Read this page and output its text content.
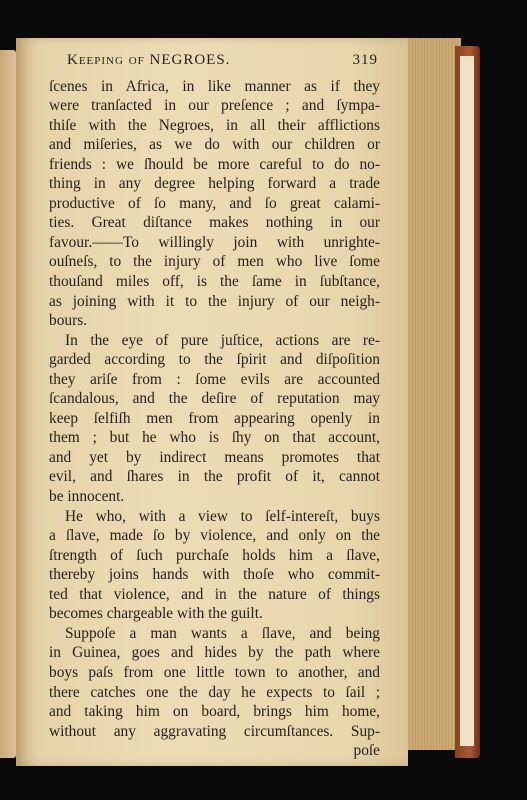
Keeping of NEGROES.	319
ſcenes in Africa, in like manner as if they
were tranſacted in our preſence ; and ſympa-
thiſe with the Negroes, in all their afflictions
and miſeries, as we do with our children or
friends : we ſhould be more careful to do no-
thing in any degree helping forward a trade
productive of ſo many, and ſo great calami-
ties. Great diſtance makes nothing in our
favour.——To willingly join with unrighte-
ouſneſs, to the injury of men who live ſome
thouſand miles off, is the ſame in ſubſtance,
as joining with it to the injury of our neigh-
bours.
In the eye of pure juſtice, actions are re-
garded according to the ſpirit and diſpoſition
they ariſe from : ſome evils are accounted
ſcandalous, and the deſire of reputation may
keep ſelfiſh men from appearing openly in
them ; but he who is ſhy on that account,
and yet by indirect means promotes that
evil, and ſhares in the profit of it, cannot
be innocent.
He who, with a view to ſelf-intereſt, buys
a ſlave, made ſo by violence, and only on the
ſtrength of ſuch purchaſe holds him a ſlave,
thereby joins hands with thoſe who commit-
ted that violence, and in the nature of things
becomes chargeable with the guilt.
Suppoſe a man wants a ſlave, and being
in Guinea, goes and hides by the path where
boys paſs from one little town to another, and
there catches one the day he expects to ſail ;
and taking him on board, brings him home,
without any aggravating circumſtances. Sup-
poſe
